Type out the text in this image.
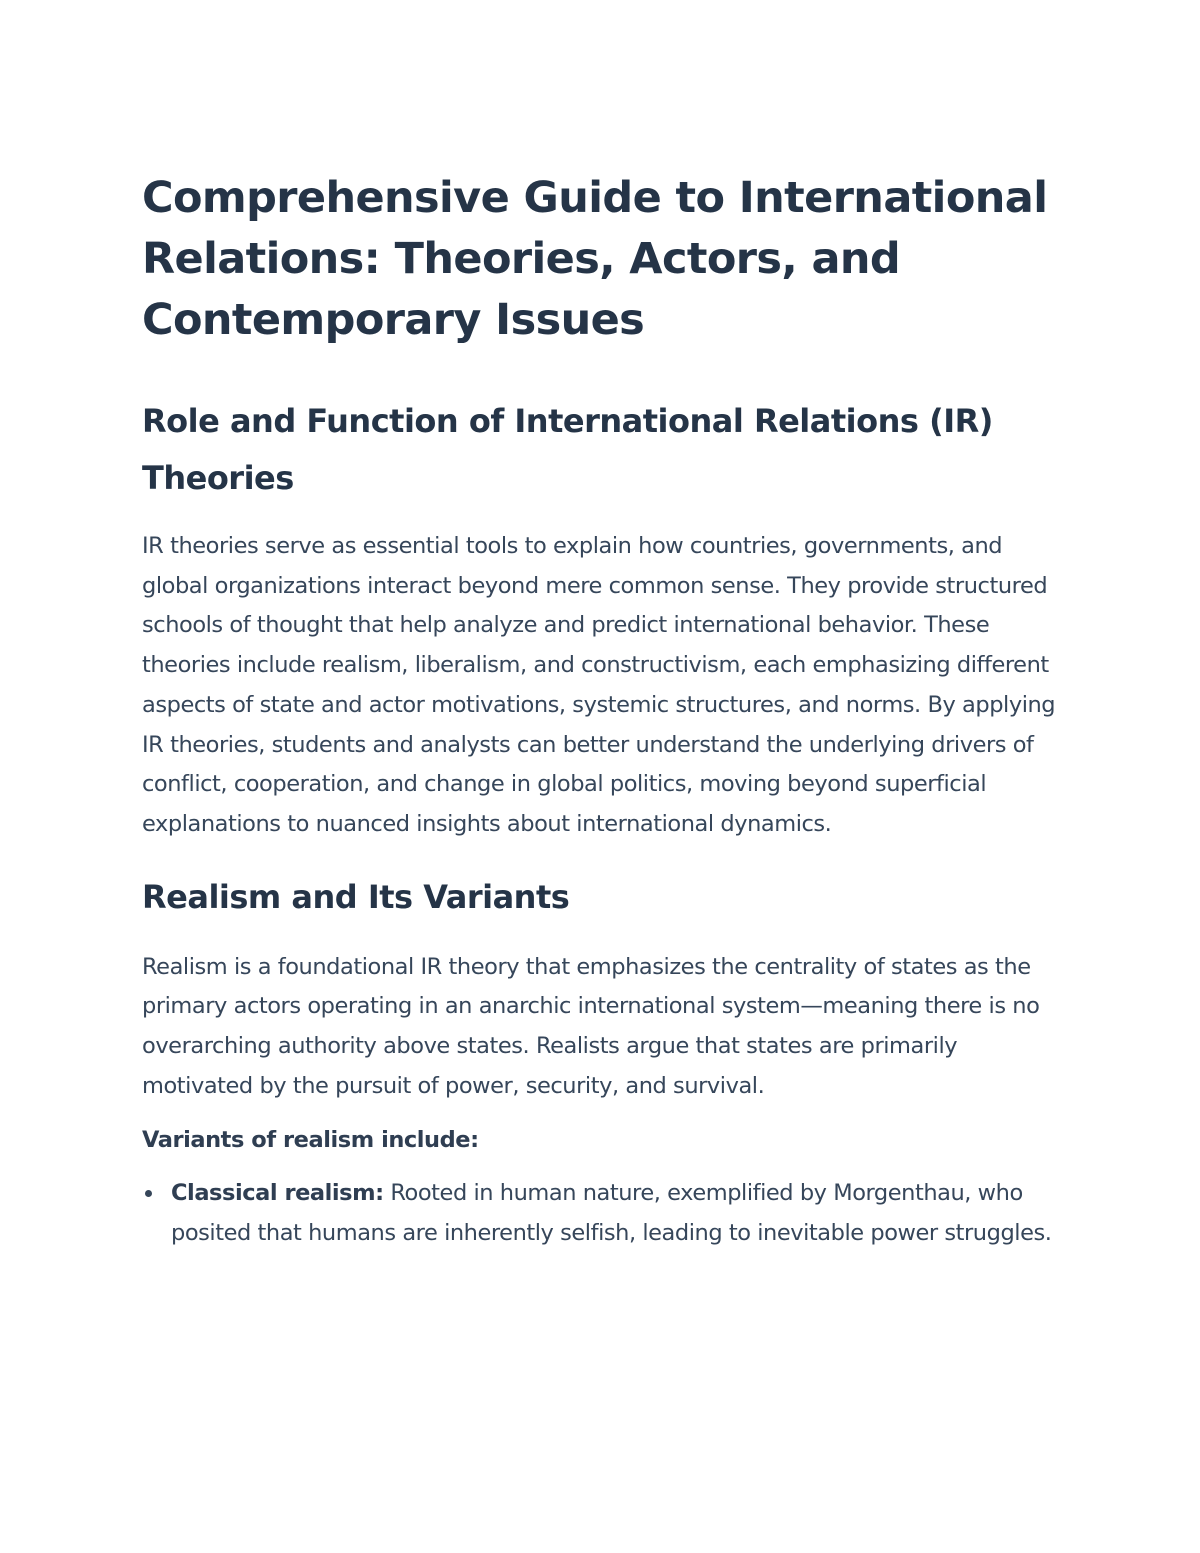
Comprehensive Guide to International Relations: Theories, Actors, and Contemporary Issues
Role and Function of International Relations (IR) Theories

IR theories serve as essential tools to explain how countries, governments, and global organizations interact beyond mere common sense. They provide structured schools of thought that help analyze and predict international behavior. These theories include realism, liberalism, and constructivism, each emphasizing different aspects of state and actor motivations, systemic structures, and norms. By applying IR theories, students and analysts can better understand the underlying drivers of conflict, cooperation, and change in global politics, moving beyond superficial explanations to nuanced insights about international dynamics.

Realism and Its Variants

Realism is a foundational IR theory that emphasizes the centrality of states as the primary actors operating in an anarchic international system—meaning there is no overarching authority above states. Realists argue that states are primarily motivated by the pursuit of power, security, and survival.

Variants of realism include:

Classical realism: Rooted in human nature, exemplified by Morgenthau, who posited that humans are inherently selfish, leading to inevitable power struggles.
